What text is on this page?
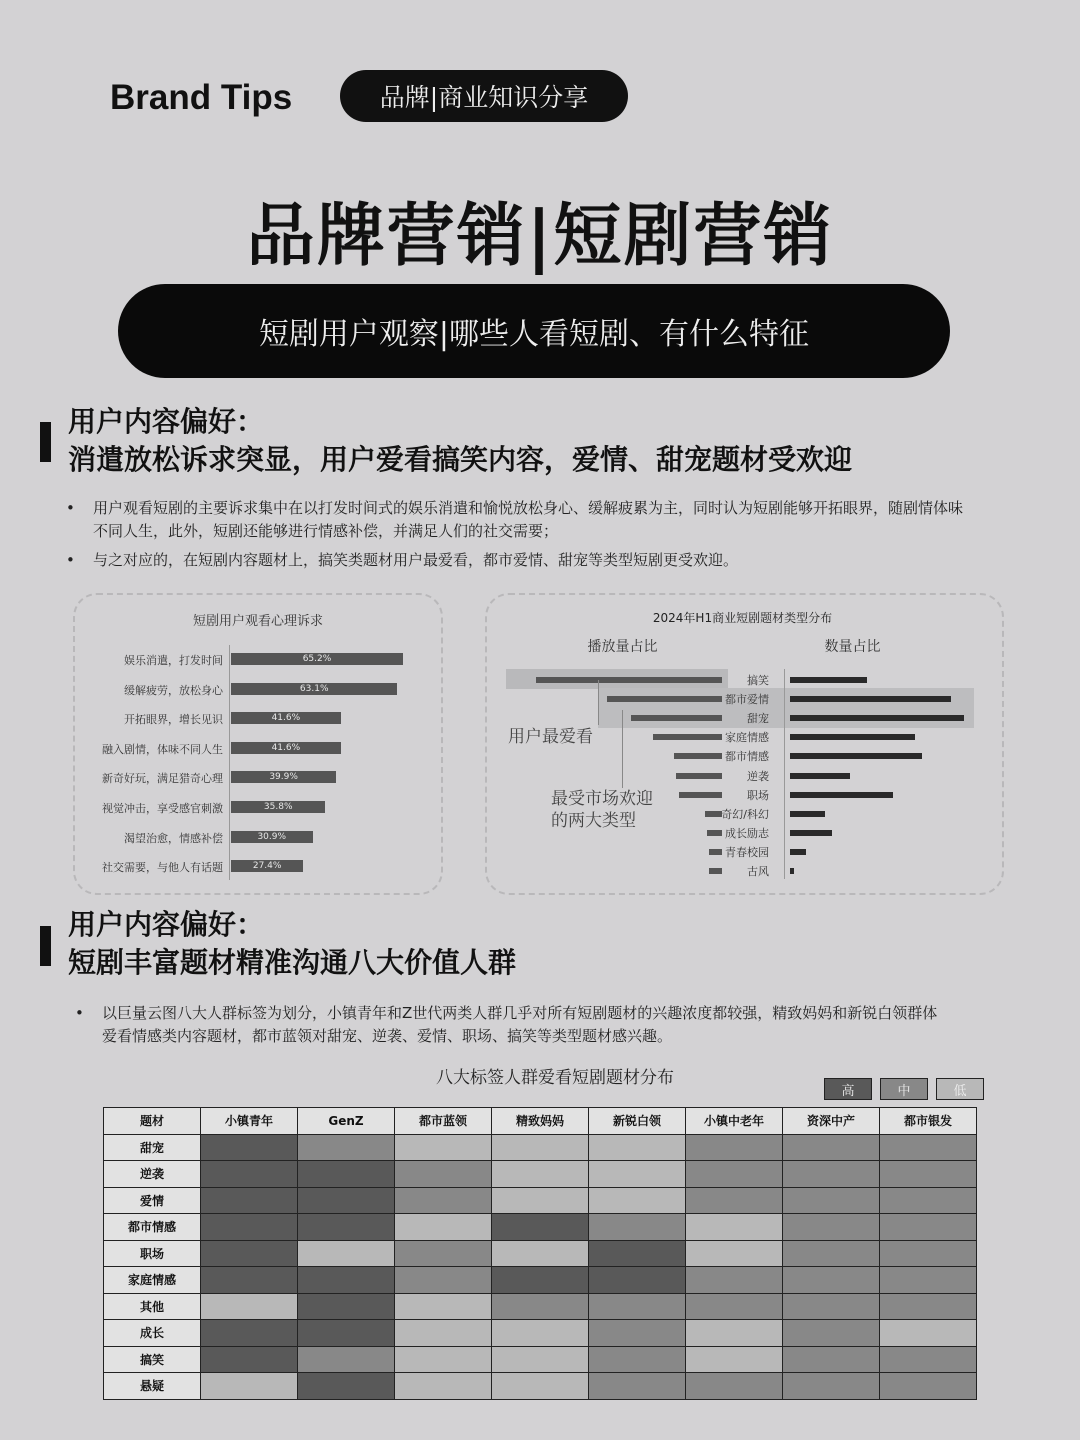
Brand Tips	品牌|商业知识分享
品牌营销|短剧营销
短剧用户观察|哪些人看短剧、有什么特征
用户内容偏好：
消遣放松诉求突显，用户爱看搞笑内容，爱情、甜宠题材受欢迎
• 用户观看短剧的主要诉求集中在以打发时间式的娱乐消遣和愉悦放松身心、缓解疲累为主，同时认为短剧能够开拓眼界，随剧情体味
不同人生，此外，短剧还能够进行情感补偿，并满足人们的社交需要；
• 与之对应的，在短剧内容题材上，搞笑类题材用户最爱看，都市爱情、甜宠等类型短剧更受欢迎。
短剧用户观看心理诉求
娱乐消遣，打发时间	65.2%
缓解疲劳，放松身心	63.1%
开拓眼界，增长见识	41.6%
融入剧情，体味不同人生	41.6%
新奇好玩，满足猎奇心理	39.9%
视觉冲击，享受感官刺激	35.8%
渴望治愈，情感补偿	30.9%
社交需要，与他人有话题	27.4%
2024年H1商业短剧题材类型分布
播放量占比	数量占比
搞笑
都市爱情
甜宠
家庭情感
都市情感
逆袭
职场
奇幻/科幻
成长励志
青春校园
古风
用户最爱看
最受市场欢迎
的两大类型
用户内容偏好：
短剧丰富题材精准沟通八大价值人群
• 以巨量云图八大人群标签为划分，小镇青年和Z世代两类人群几乎对所有短剧题材的兴趣浓度都较强，精致妈妈和新锐白领群体
爱看情感类内容题材，都市蓝领对甜宠、逆袭、爱情、职场、搞笑等类型题材感兴趣。
八大标签人群爱看短剧题材分布
高	中	低
题材	小镇青年	GenZ	都市蓝领	精致妈妈	新锐白领	小镇中老年	资深中产	都市银发
甜宠								
逆袭								
爱情								
都市情感								
职场								
家庭情感								
其他								
成长								
搞笑								
悬疑								
